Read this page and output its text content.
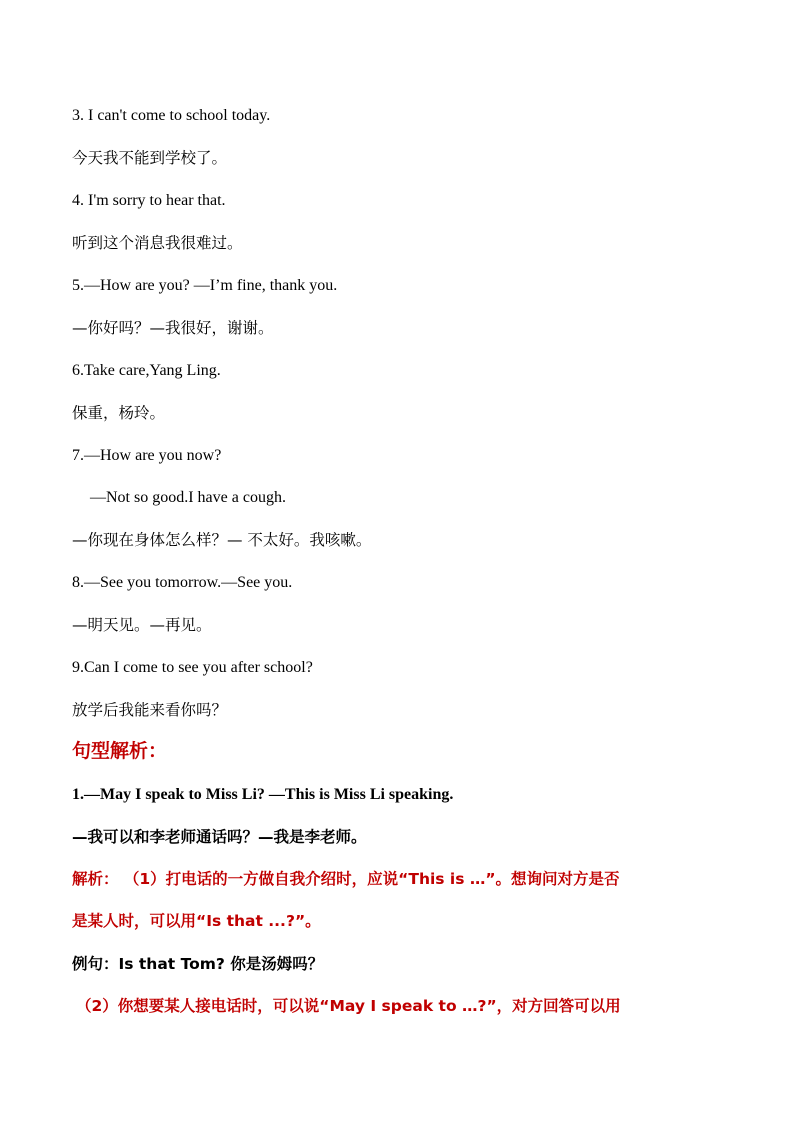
3. I can't come to school today.
今天我不能到学校了。
4. I'm sorry to hear that.
听到这个消息我很难过。
5.—How are you? —I’m fine, thank you.
—你好吗？—我很好，谢谢。
6.Take care,Yang Ling.
保重，杨玲。
7.—How are you now?
—Not so good.I have a cough.
—你现在身体怎么样？— 不太好。我咳嗽。
8.—See you tomorrow.—See you.
—明天见。—再见。
9.Can I come to see you after school?
放学后我能来看你吗？
句型解析：
1.—May I speak to Miss Li? —This is Miss Li speaking.
—我可以和李老师通话吗？—我是李老师。
解析： （1）打电话的一方做自我介绍时，应说“This is …”。想询问对方是否
是某人时，可以用“Is that ...?”。
例句：Is that Tom? 你是汤姆吗？
（2）你想要某人接电话时，可以说“May I speak to …?”，对方回答可以用
